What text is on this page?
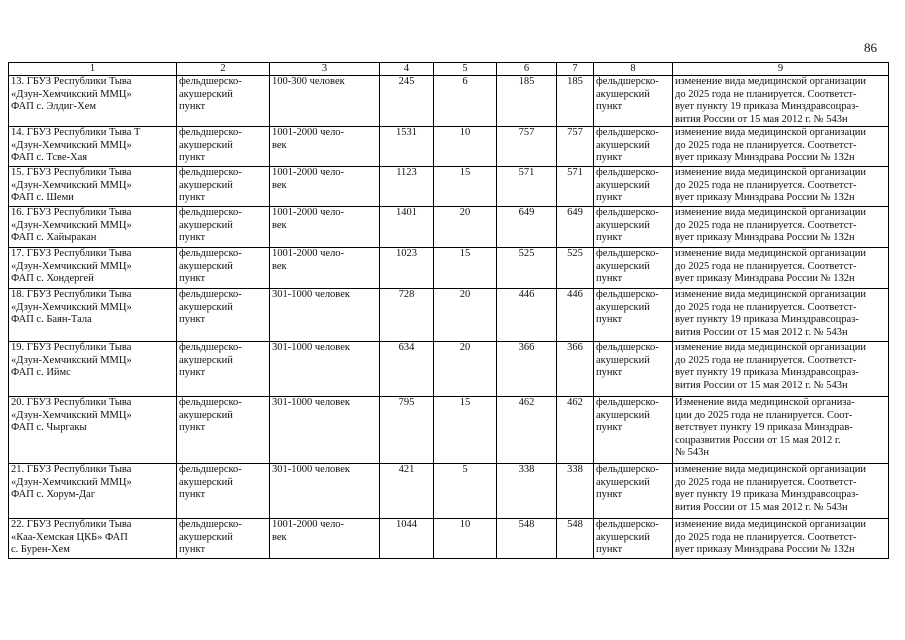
86
1	2	3	4	5	6	7	8	9
13. ГБУЗ Республики Тыва
«Дзун-Хемчикский ММЦ»
ФАП с. Элдиг-Хем	фельдшерско-
акушерский
пункт	100-300 человек	245	6	185	185	фельдшерско-
акушерский
пункт	изменение вида медицинской организации
до 2025 года не планируется. Соответст-
вует пункту 19 приказа Минздравсоцраз-
вития России от 15 мая 2012 г. № 543н
14. ГБУЗ Республики Тыва Т
«Дзун-Хемчикский ММЦ»
ФАП с. Тсве-Хая	фельдшерско-
акушерский
пункт	1001-2000 чело-
век	1531	10	757	757	фельдшерско-
акушерский
пункт	изменение вида медицинской организации
до 2025 года не планируется. Соответст-
вует приказу Минздрава России № 132н
15. ГБУЗ Республики Тыва
«Дзун-Хемчикский ММЦ»
ФАП с. Шеми	фельдшерско-
акушерский
пункт	1001-2000 чело-
век	1123	15	571	571	фельдшерско-
акушерский
пункт	изменение вида медицинской организации
до 2025 года не планируется. Соответст-
вует приказу Минздрава России № 132н
16. ГБУЗ Республики Тыва
«Дзун-Хемчикский ММЦ»
ФАП с. Хайыракан	фельдшерско-
акушерский
пункт	1001-2000 чело-
век	1401	20	649	649	фельдшерско-
акушерский
пункт	изменение вида медицинской организации
до 2025 года не планируется. Соответст-
вует приказу Минздрава России № 132н
17. ГБУЗ Республики Тыва
«Дзун-Хемчикский ММЦ»
ФАП с. Хондергей	фельдшерско-
акушерский
пункт	1001-2000 чело-
век	1023	15	525	525	фельдшерско-
акушерский
пункт	изменение вида медицинской организации
до 2025 года не планируется. Соответст-
вует приказу Минздрава России № 132н
18. ГБУЗ Республики Тыва
«Дзун-Хемчикский ММЦ»
ФАП с. Баян-Тала	фельдшерско-
акушерский
пункт	301-1000 человек	728	20	446	446	фельдшерско-
акушерский
пункт	изменение вида медицинской организации
до 2025 года не планируется. Соответст-
вует пункту 19 приказа Минздравсоцраз-
вития России от 15 мая 2012 г. № 543н
19. ГБУЗ Республики Тыва
«Дзун-Хемчикский ММЦ»
ФАП с. Иймс	фельдшерско-
акушерский
пункт	301-1000 человек	634	20	366	366	фельдшерско-
акушерский
пункт	изменение вида медицинской организации
до 2025 года не планируется. Соответст-
вует пункту 19 приказа Минздравсоцраз-
вития России от 15 мая 2012 г. № 543н
20. ГБУЗ Республики Тыва
«Дзун-Хемчикский ММЦ»
ФАП с. Чыргакы	фельдшерско-
акушерский
пункт	301-1000 человек	795	15	462	462	фельдшерско-
акушерский
пункт	Изменение вида медицинской организа-
ции до 2025 года не планируется. Соот-
ветствует пункту 19 приказа Минздрав-
соцразвития России от 15 мая 2012 г.
№ 543н
21. ГБУЗ Республики Тыва
«Дзун-Хемчикский ММЦ»
ФАП с. Хорум-Даг	фельдшерско-
акушерский
пункт	301-1000 человек	421	5	338	338	фельдшерско-
акушерский
пункт	изменение вида медицинской организации
до 2025 года не планируется. Соответст-
вует пункту 19 приказа Минздравсоцраз-
вития России от 15 мая 2012 г. № 543н
22. ГБУЗ Республики Тыва
«Каа-Хемская ЦКБ» ФАП
с. Бурен-Хем	фельдшерско-
акушерский
пункт	1001-2000 чело-
век	1044	10	548	548	фельдшерско-
акушерский
пункт	изменение вида медицинской организации
до 2025 года не планируется. Соответст-
вует приказу Минздрава России № 132н
